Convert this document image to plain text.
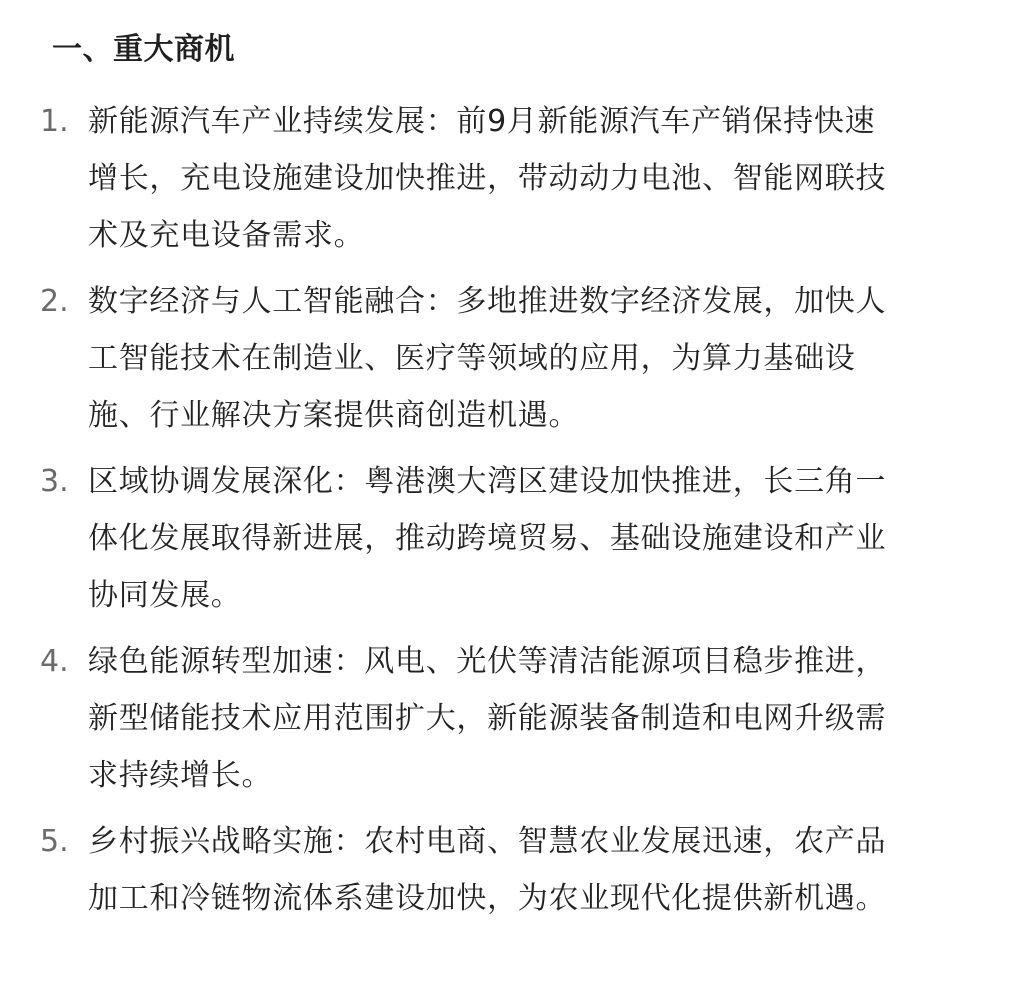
一、重大商机
1. 新能源汽车产业持续发展：前9月新能源汽车产销保持快速
增长，充电设施建设加快推进，带动动力电池、智能网联技
术及充电设备需求。
2. 数字经济与人工智能融合：多地推进数字经济发展，加快人
工智能技术在制造业、医疗等领域的应用，为算力基础设
施、行业解决方案提供商创造机遇。
3. 区域协调发展深化：粤港澳大湾区建设加快推进，长三角一
体化发展取得新进展，推动跨境贸易、基础设施建设和产业
协同发展。
4. 绿色能源转型加速：风电、光伏等清洁能源项目稳步推进，
新型储能技术应用范围扩大，新能源装备制造和电网升级需
求持续增长。
5. 乡村振兴战略实施：农村电商、智慧农业发展迅速，农产品
加工和冷链物流体系建设加快，为农业现代化提供新机遇。
